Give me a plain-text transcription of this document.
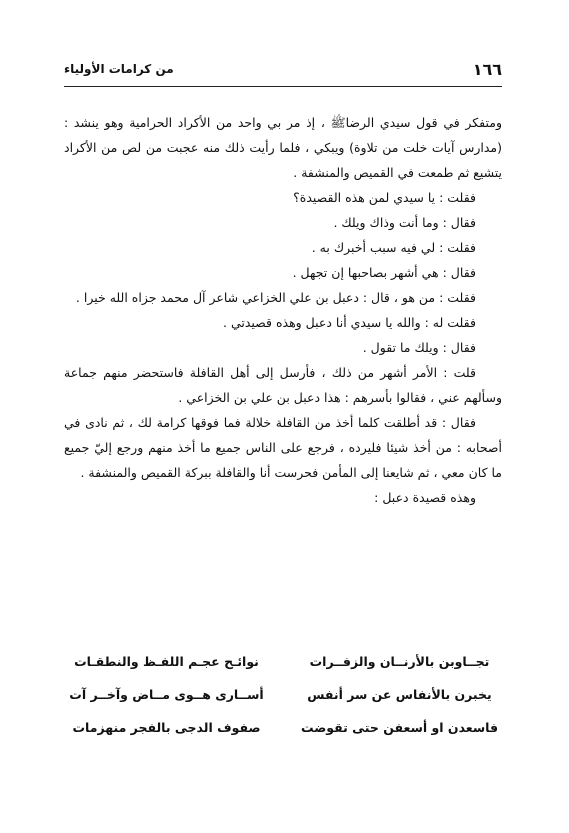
١٦٦
من كرامات الأولياء

ومتفكر في قول سيدي الرضاﷺ ، إذ مر بي واحد من الأكراد الحرامية وهو ينشد : (مدارس آيات خلت من تلاوة) ويبكي ، فلما رأيت ذلك منه عجبت من لص من الأكراد يتشيع ثم طمعت في القميص والمنشفة .

فقلت : يا سيدي لمن هذه القصيدة؟

فقال : وما أنت وذاك ويلك .

فقلت : لي فيه سبب أخبرك به .

فقال : هي أشهر بصاحبها إن تجهل .

فقلت : من هو ، قال : دعبل بن علي الخزاعي شاعر آل محمد جزاه الله خيرا .

فقلت له : والله يا سيدي أنا دعبل وهذه قصيدتي .

فقال : ويلك ما تقول .

قلت : الأمر أشهر من ذلك ، فأرسل إلى أهل القافلة فاستحضر منهم جماعة وسألهم عني ، فقالوا بأسرهم : هذا دعبل بن علي بن الخزاعي .

فقال : قد أطلقت كلما أخذ من القافلة خلالة فما فوقها كرامة لك ، ثم نادى في أصحابه : من أخذ شيئا فليرده ، فرجع على الناس جميع ما أخذ منهم ورجع إليّ جميع ما كان معي ، ثم شايعنا إلى المأمن فحرست أنا والقافلة ببركة القميص والمنشفة .

وهذه قصيدة دعبل :

تجــاوبن بالأرنــان والزفــرات
نوائـح عجـم اللفـظ والنطقـات
يخبرن بالأنفاس عن سر أنفس
أســارى هــوى مــاض وآخــر آت
فاسعدن او أسعفن حتى تقوضت
صفوف الدجى بالفجر منهزمات
